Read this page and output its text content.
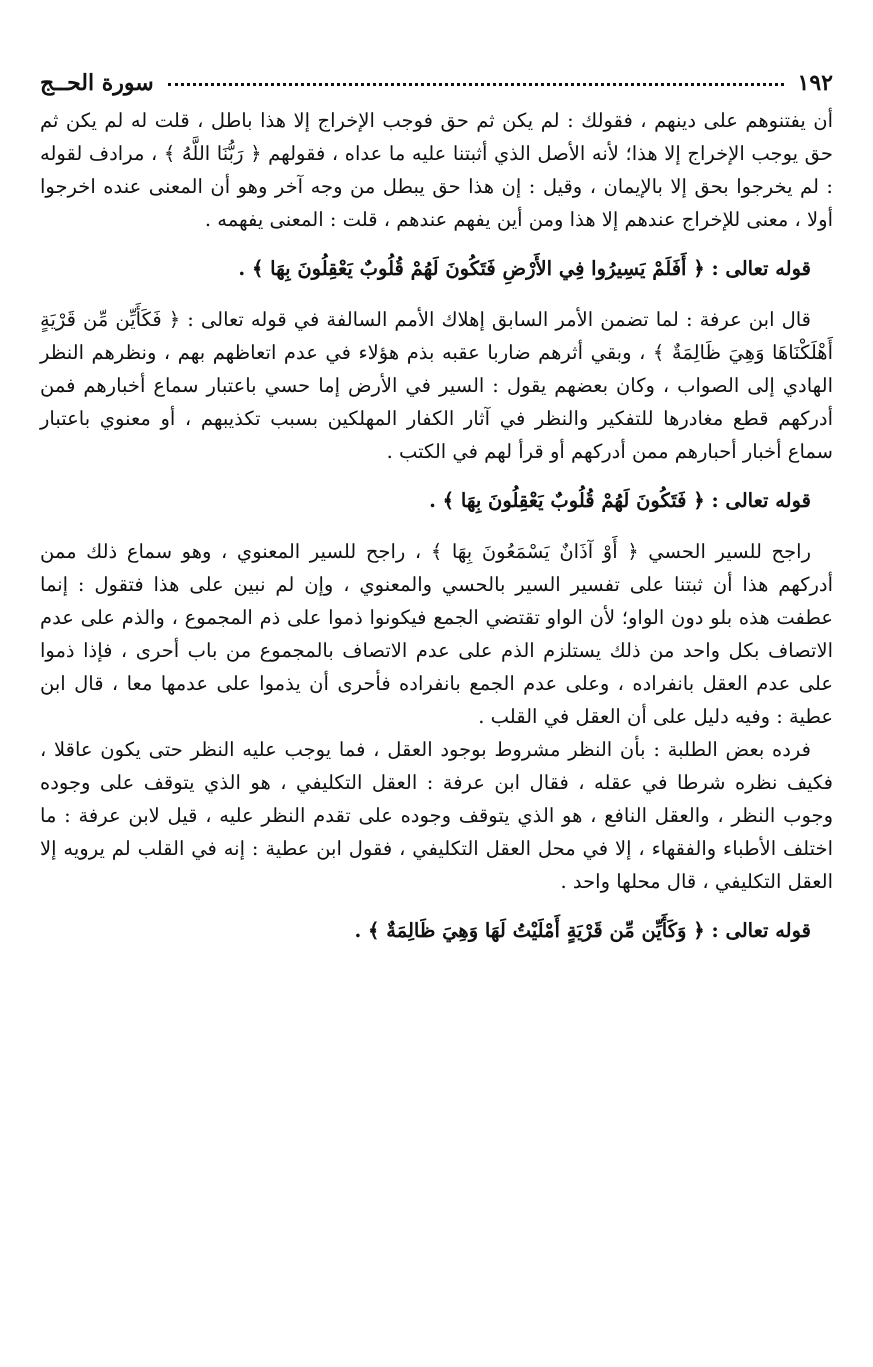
١٩٢
سورة الحــج

أن يفتنوهم على دينهم ، فقولك : لم يكن ثم حق فوجب الإخراج إلا هذا باطل ، قلت له لم يكن ثم حق يوجب الإخراج إلا هذا؛ لأنه الأصل الذي أثبتنا عليه ما عداه ، فقولهم ﴿ رَبُّنَا اللَّهُ ﴾ ، مرادف لقوله : لم يخرجوا بحق إلا بالإيمان ، وقيل : إن هذا حق يبطل من وجه آخر وهو أن المعنى عنده اخرجوا أولا ، معنى للإخراج عندهم إلا هذا ومن أين يفهم عندهم ، قلت : المعنى يفهمه .

قوله تعالى : ﴿ أَفَلَمْ يَسِيرُوا فِي الأَرْضِ فَتَكُونَ لَهُمْ قُلُوبٌ يَعْقِلُونَ بِهَا ﴾ .

قال ابن عرفة : لما تضمن الأمر السابق إهلاك الأمم السالفة في قوله تعالى : ﴿ فَكَأَيِّن مِّن قَرْيَةٍ أَهْلَكْنَاهَا وَهِيَ ظَالِمَةٌ ﴾ ، وبقي أثرهم ضاربا عقبه بذم هؤلاء في عدم اتعاظهم بهم ، ونظرهم النظر الهادي إلى الصواب ، وكان بعضهم يقول : السير في الأرض إما حسي باعتبار سماع أخبارهم فمن أدركهم قطع مغادرها للتفكير والنظر في آثار الكفار المهلكين بسبب تكذيبهم ، أو معنوي باعتبار سماع أخبار أحبارهم ممن أدركهم أو قرأ لهم في الكتب .

قوله تعالى : ﴿ فَتَكُونَ لَهُمْ قُلُوبٌ يَعْقِلُونَ بِهَا ﴾ .

راجح للسير الحسي ﴿ أَوْ آذَانٌ يَسْمَعُونَ بِهَا ﴾ ، راجح للسير المعنوي ، وهو سماع ذلك ممن أدركهم هذا أن ثبتنا على تفسير السير بالحسي والمعنوي ، وإن لم نبين على هذا فتقول : إنما عطفت هذه بلو دون الواو؛ لأن الواو تقتضي الجمع فيكونوا ذموا على ذم المجموع ، والذم على عدم الاتصاف بكل واحد من ذلك يستلزم الذم على عدم الاتصاف بالمجموع من باب أحرى ، فإذا ذموا على عدم العقل بانفراده ، وعلى عدم الجمع بانفراده فأحرى أن يذموا على عدمها معا ، قال ابن عطية : وفيه دليل على أن العقل في القلب .

فرده بعض الطلبة : بأن النظر مشروط بوجود العقل ، فما يوجب عليه النظر حتى يكون عاقلا ، فكيف نظره شرطا في عقله ، فقال ابن عرفة : العقل التكليفي ، هو الذي يتوقف على وجوده وجوب النظر ، والعقل النافع ، هو الذي يتوقف وجوده على تقدم النظر عليه ، قيل لابن عرفة : ما اختلف الأطباء والفقهاء ، إلا في محل العقل التكليفي ، فقول ابن عطية : إنه في القلب لم يرويه إلا العقل التكليفي ، قال محلها واحد .

قوله تعالى : ﴿ وَكَأَيِّن مِّن قَرْيَةٍ أَمْلَيْتُ لَهَا وَهِيَ ظَالِمَةٌ ﴾ .
